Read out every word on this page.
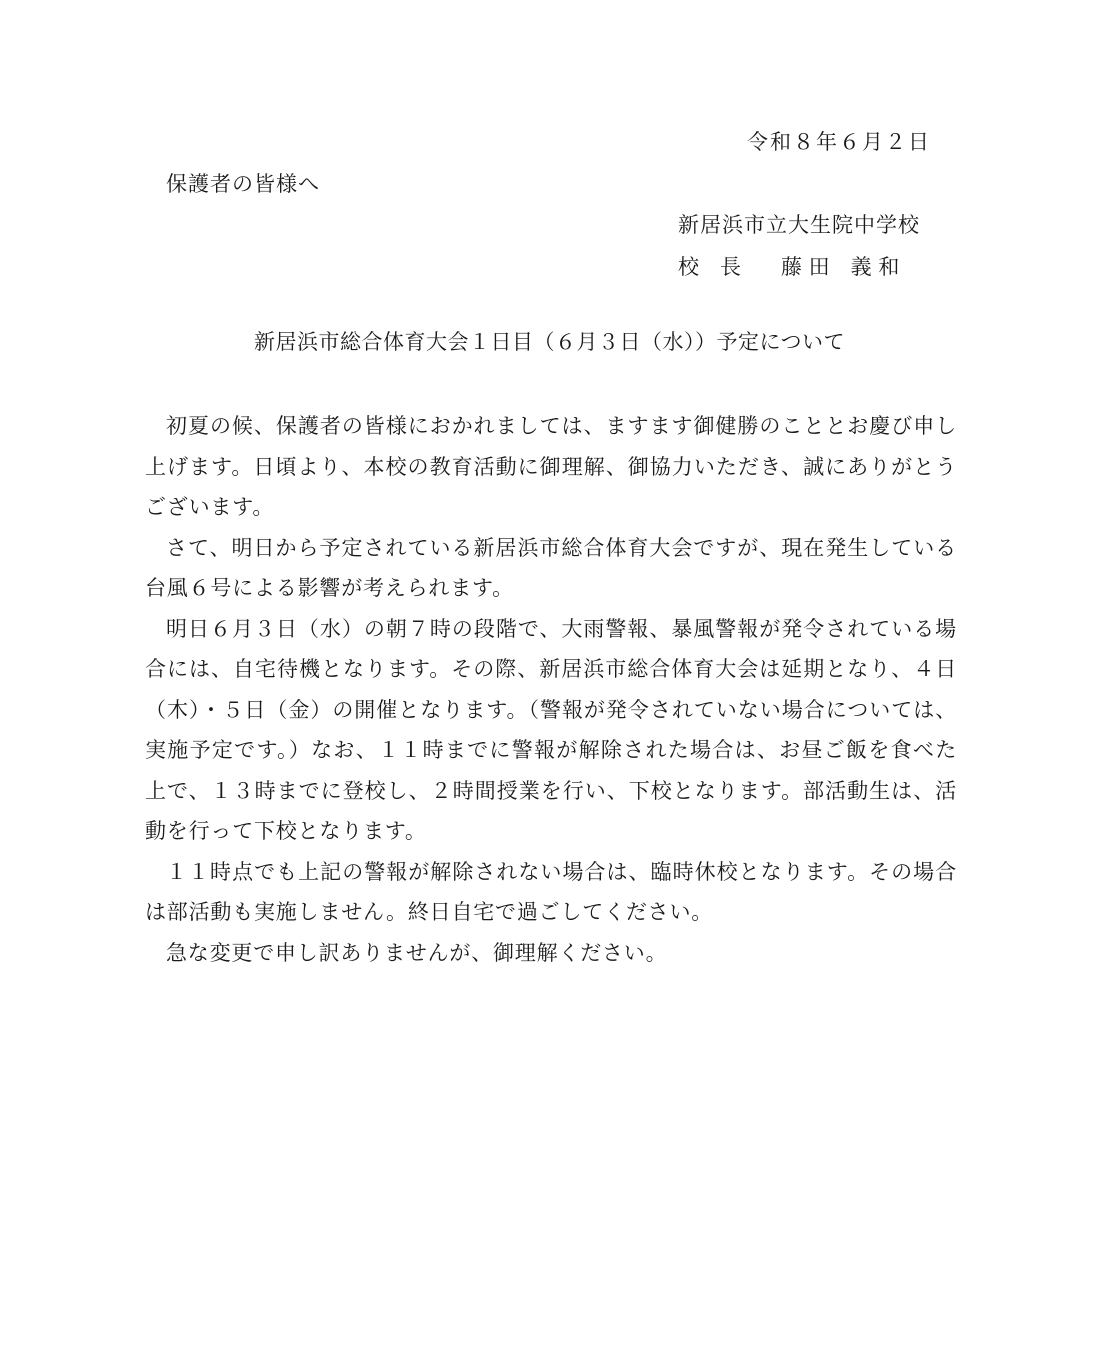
令和８年６月２日
保護者の皆様へ
新居浜市立大生院中学校
校　長 藤 田　義 和
新居浜市総合体育大会１日目（６月３日（水））予定について

初夏の候、保護者の皆様におかれましては、ますます御健勝のこととお慶び申し上げます。日頃より、本校の教育活動に御理解、御協力いただき、誠にありがとうございます。

さて、明日から予定されている新居浜市総合体育大会ですが、現在発生している台風６号による影響が考えられます。

明日６月３日（水）の朝７時の段階で、大雨警報、暴風警報が発令されている場合には、自宅待機となります。その際、新居浜市総合体育大会は延期となり、４日（木）・５日（金）の開催となります。（警報が発令されていない場合については、実施予定です。）なお、１１時までに警報が解除された場合は、お昼ご飯を食べた上で、１３時までに登校し、２時間授業を行い、下校となります。部活動生は、活動を行って下校となります。

１１時点でも上記の警報が解除されない場合は、臨時休校となります。その場合は部活動も実施しません。終日自宅で過ごしてください。

急な変更で申し訳ありませんが、御理解ください。
